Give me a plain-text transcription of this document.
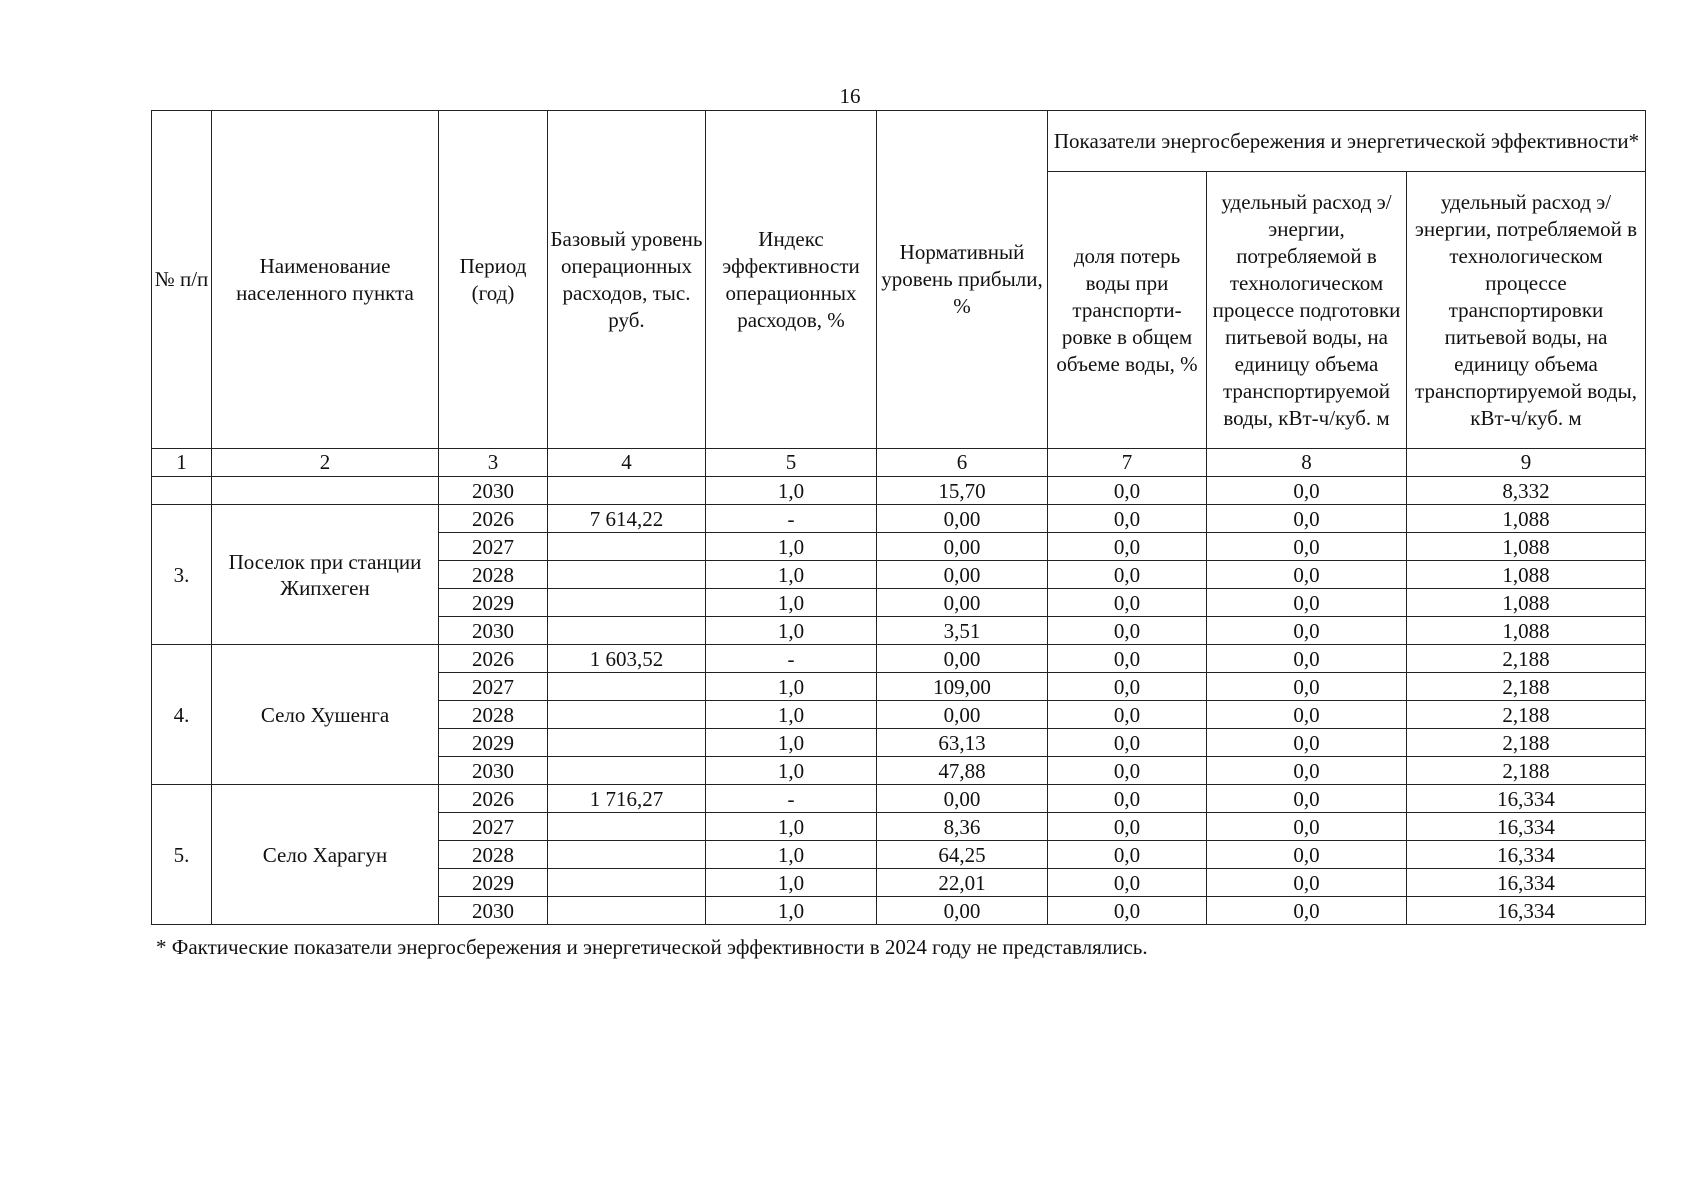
16
№ п/п	Наименование населенного пункта	Период (год)	Базовый уровень операционных расходов, тыс. руб.	Индекс эффективности операционных расходов, %	Нормативный уровень прибыли, %	Показатели энергосбережения и энергетической эффективности*		
						доля потерь воды при транспорти-ровке в общем объеме воды, %	удельный расход э/энергии, потребляемой в технологическом процессе подготовки питьевой воды, на единицу объема транспортируемой воды, кВт-ч/куб. м	удельный расход э/энергии, потребляемой в технологическом процессе транспортировки питьевой воды, на единицу объема транспортируемой воды, кВт-ч/куб. м
1	2	3	4	5	6	7	8	9
		2030		1,0	15,70	0,0	0,0	8,332
3.	Поселок при станции Жипхеген	2026	7 614,22	-	0,00	0,0	0,0	1,088
		2027		1,0	0,00	0,0	0,0	1,088
		2028		1,0	0,00	0,0	0,0	1,088
		2029		1,0	0,00	0,0	0,0	1,088
		2030		1,0	3,51	0,0	0,0	1,088
4.	Село Хушенга	2026	1 603,52	-	0,00	0,0	0,0	2,188
		2027		1,0	109,00	0,0	0,0	2,188
		2028		1,0	0,00	0,0	0,0	2,188
		2029		1,0	63,13	0,0	0,0	2,188
		2030		1,0	47,88	0,0	0,0	2,188
5.	Село Харагун	2026	1 716,27	-	0,00	0,0	0,0	16,334
		2027		1,0	8,36	0,0	0,0	16,334
		2028		1,0	64,25	0,0	0,0	16,334
		2029		1,0	22,01	0,0	0,0	16,334
		2030		1,0	0,00	0,0	0,0	16,334
* Фактические показатели энергосбережения и энергетической эффективности в 2024 году не представлялись.
